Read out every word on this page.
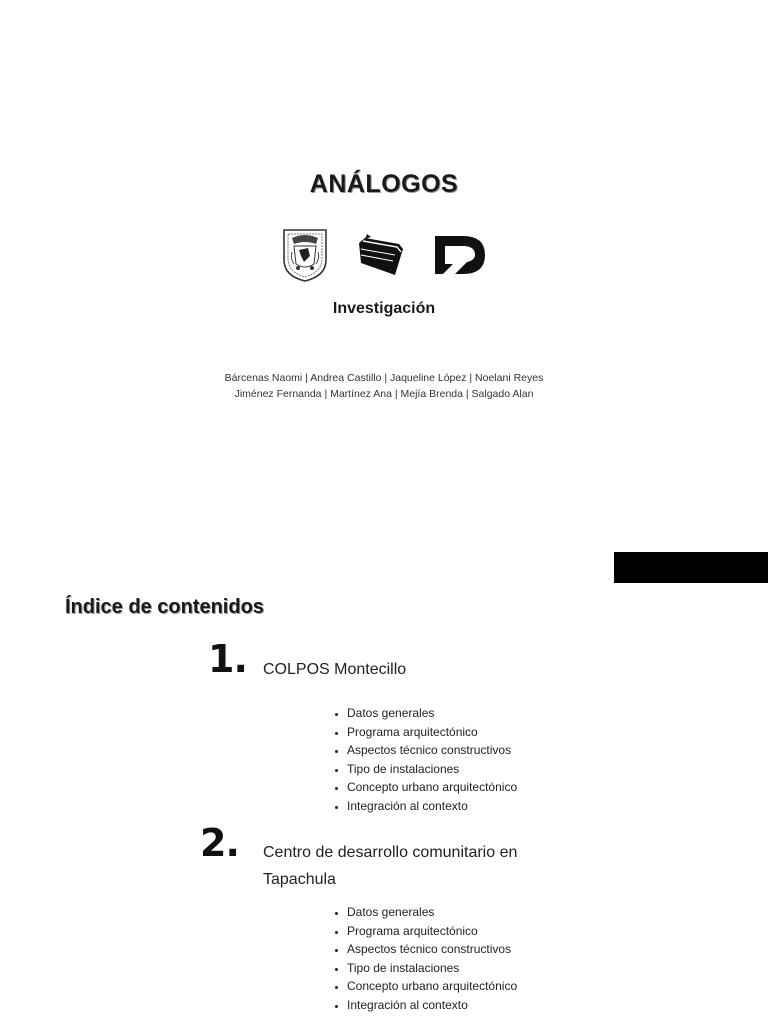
ANÁLOGOS
Investigación
Bárcenas Naomi | Andrea Castillo | Jaqueline López | Noelani Reyes
Jiménez Fernanda | Martínez Ana | Mejía Brenda | Salgado Alan
Índice de contenidos
1. COLPOS Montecillo
• Datos generales
• Programa arquitectónico
• Aspectos técnico constructivos
• Tipo de instalaciones
• Concepto urbano arquitectónico
• Integración al contexto
2. Centro de desarrollo comunitario en Tapachula
• Datos generales
• Programa arquitectónico
• Aspectos técnico constructivos
• Tipo de instalaciones
• Concepto urbano arquitectónico
• Integración al contexto
